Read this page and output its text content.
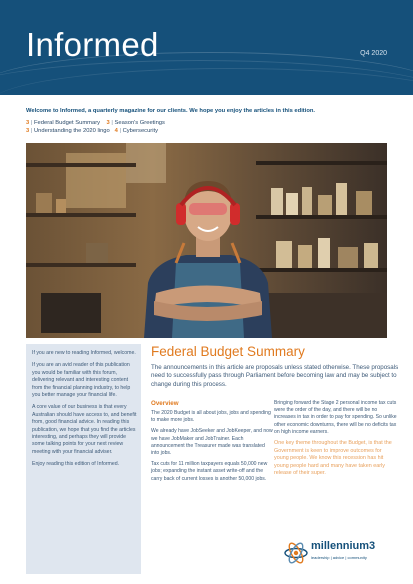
Informed	Q4 2020
Welcome to Informed, a quarterly magazine for our clients. We hope you enjoy the articles in this edition.
3 | Federal Budget Summary 3 | Season's Greetings
3 | Understanding the 2020 lingo 4 | Cybersecurity

If you are new to reading Informed, welcome.

If you are an avid reader of this publication you would be familiar with this forum, delivering relevant and interesting content from the financial planning industry, to help you better manage your financial life.

A core value of our business is that every Australian should have access to, and benefit from, good financial advice. In reading this publication, we hope that you find the articles interesting, and perhaps they will provide some talking points for your next review meeting with your financial adviser.

Enjoy reading this edition of Informed.

Federal Budget Summary
The announcements in this article are proposals unless stated otherwise. These proposals need to successfully pass through Parliament before becoming law and may be subject to change during this process.
Overview

The 2020 Budget is all about jobs, jobs and spending to make more jobs.

We already have JobSeeker and JobKeeper, and now we have JobMaker and JobTrainer. Each announcement the Treasurer made was translated into jobs.

Tax cuts for 11 million taxpayers equals 50,000 new jobs; expanding the instant asset write-off and the carry back of current losses is another 50,000 jobs.

Bringing forward the Stage 2 personal income tax cuts were the order of the day, and there will be no increases in tax in order to pay for spending. So unlike other economic downturns, there will be no deficits tax on high income earners.

One key theme throughout the Budget, is that the Government is keen to improve outcomes for young people. We know this recession has hit young people hard and many have taken early release of their super.

millennium3
leadership | advice | community
